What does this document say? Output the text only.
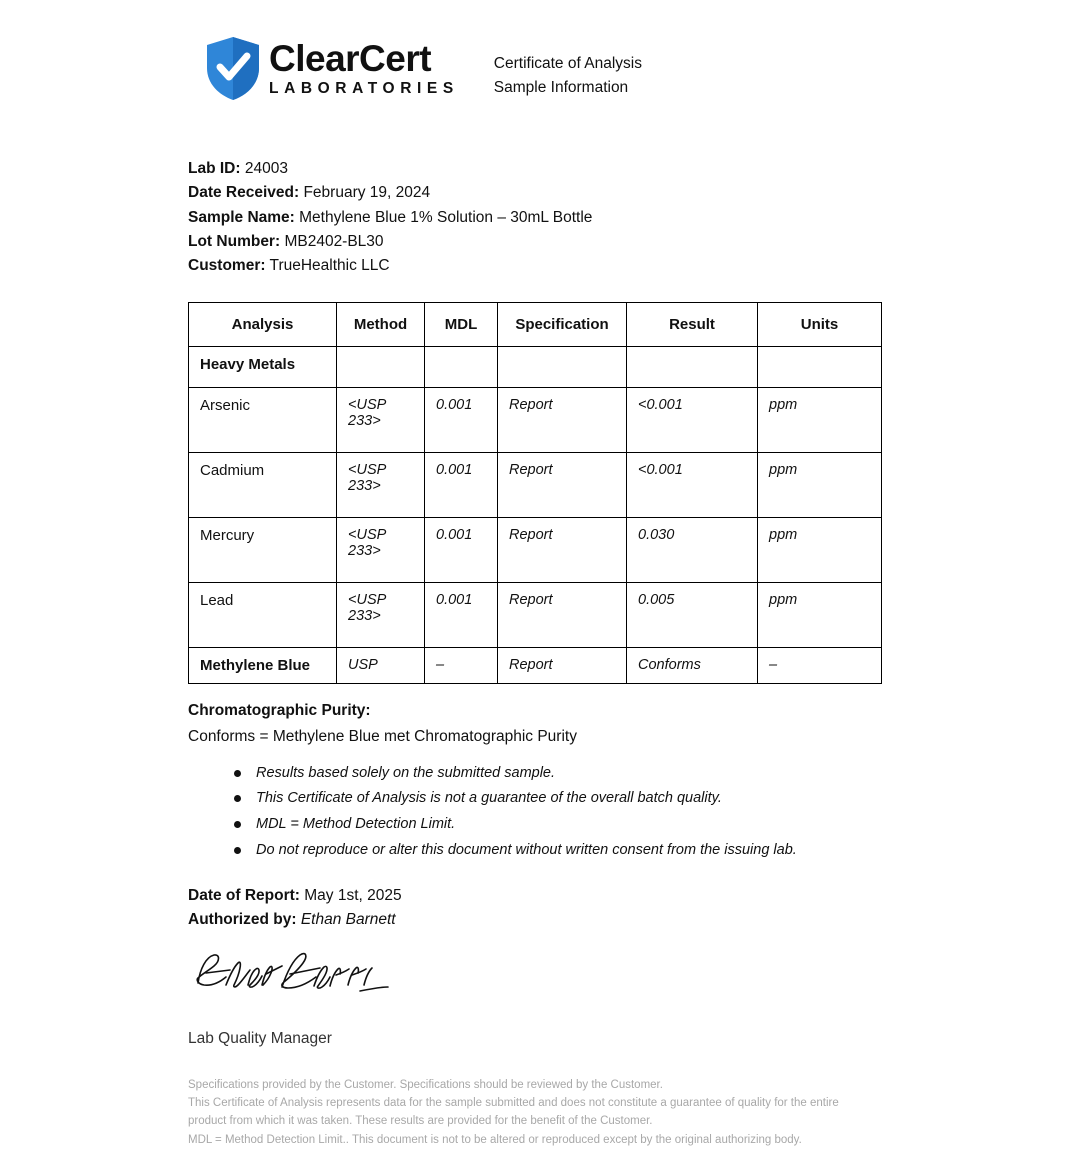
ClearCert
LABORATORIES
Certificate of Analysis
Sample Information
Lab ID: 24003
Date Received: February 19, 2024
Sample Name: Methylene Blue 1% Solution – 30mL Bottle
Lot Number: MB2402-BL30
Customer: TrueHealthic LLC
Analysis	Method	MDL	Specification	Result	Units
Heavy Metals					
Arsenic	<USP 233>	0.001	Report	<0.001	ppm
Cadmium	<USP 233>	0.001	Report	<0.001	ppm
Mercury	<USP 233>	0.001	Report	0.030	ppm
Lead	<USP 233>	0.001	Report	0.005	ppm
Methylene Blue	USP	–	Report	Conforms	–
Chromatographic Purity:
Conforms = Methylene Blue met Chromatographic Purity
Results based solely on the submitted sample.
This Certificate of Analysis is not a guarantee of the overall batch quality.
MDL = Method Detection Limit.
Do not reproduce or alter this document without written consent from the issuing lab.
Date of Report: May 1st, 2025
Authorized by: Ethan Barnett
Lab Quality Manager
Specifications provided by the Customer. Specifications should be reviewed by the Customer.
This Certificate of Analysis represents data for the sample submitted and does not constitute a guarantee of quality for the entire product from which it was taken. These results are provided for the benefit of the Customer.
MDL = Method Detection Limit.. This document is not to be altered or reproduced except by the original authorizing body.
